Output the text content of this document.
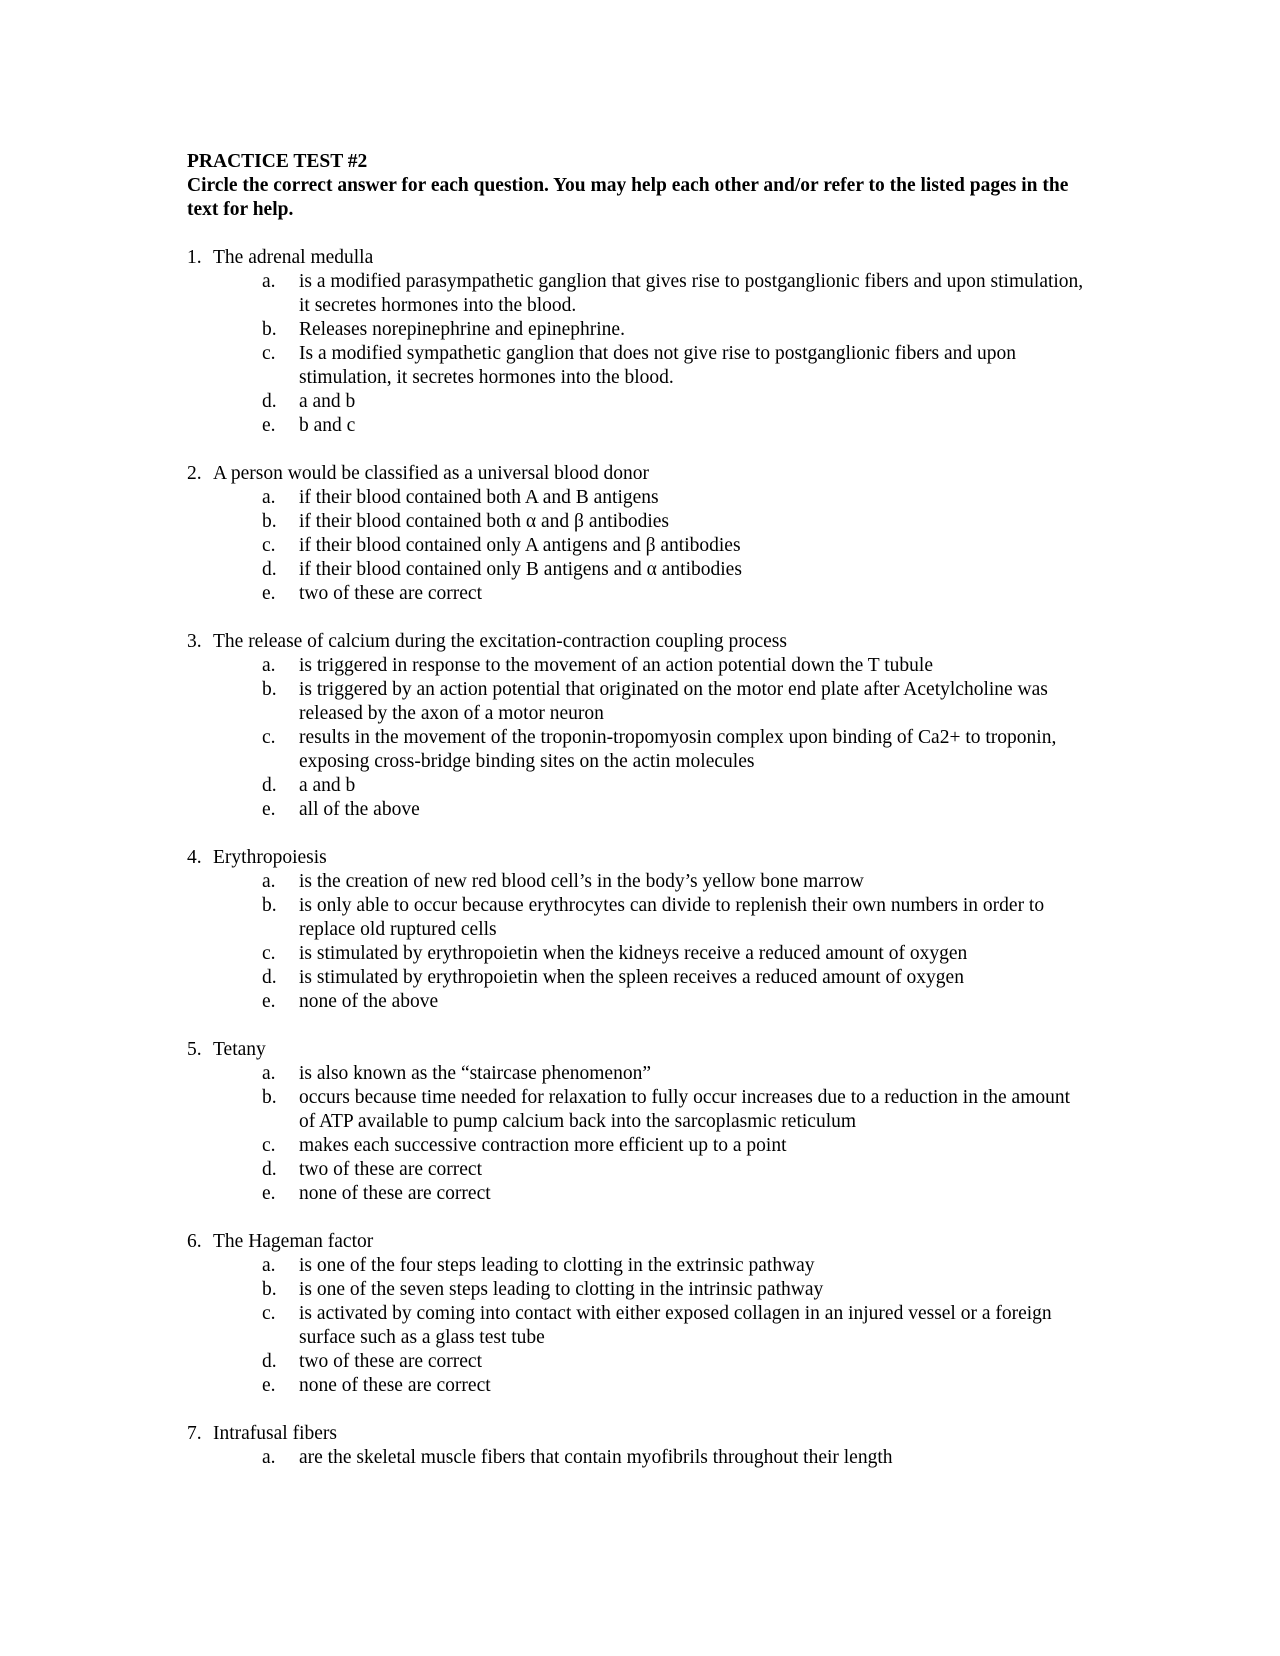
PRACTICE TEST #2
Circle the correct answer for each question. You may help each other and/or refer to the listed pages in the text for help.
1. The adrenal medulla
a.	is a modified parasympathetic ganglion that gives rise to postganglionic fibers and upon stimulation, it secretes hormones into the blood.
b.	Releases norepinephrine and epinephrine.
c.	Is a modified sympathetic ganglion that does not give rise to postganglionic fibers and upon stimulation, it secretes hormones into the blood.
d.	a and b
e.	b and c
2. A person would be classified as a universal blood donor
a.	if their blood contained both A and B antigens
b.	if their blood contained both α and β antibodies
c.	if their blood contained only A antigens and β antibodies
d.	if their blood contained only B antigens and α antibodies
e.	two of these are correct
3. The release of calcium during the excitation-contraction coupling process
a.	is triggered in response to the movement of an action potential down the T tubule
b.	is triggered by an action potential that originated on the motor end plate after Acetylcholine was released by the axon of a motor neuron
c.	results in the movement of the troponin-tropomyosin complex upon binding of Ca2+ to troponin, exposing cross-bridge binding sites on the actin molecules
d.	a and b
e.	all of the above
4. Erythropoiesis
a.	is the creation of new red blood cell’s in the body’s yellow bone marrow
b.	is only able to occur because erythrocytes can divide to replenish their own numbers in order to replace old ruptured cells
c.	is stimulated by erythropoietin when the kidneys receive a reduced amount of oxygen
d.	is stimulated by erythropoietin when the spleen receives a reduced amount of oxygen
e.	none of the above
5. Tetany
a.	is also known as the “staircase phenomenon”
b.	occurs because time needed for relaxation to fully occur increases due to a reduction in the amount of ATP available to pump calcium back into the sarcoplasmic reticulum
c.	makes each successive contraction more efficient up to a point
d.	two of these are correct
e.	none of these are correct
6. The Hageman factor
a.	is one of the four steps leading to clotting in the extrinsic pathway
b.	is one of the seven steps leading to clotting in the intrinsic pathway
c.	is activated by coming into contact with either exposed collagen in an injured vessel or a foreign surface such as a glass test tube
d.	two of these are correct
e.	none of these are correct
7. Intrafusal fibers
a.	are the skeletal muscle fibers that contain myofibrils throughout their length
